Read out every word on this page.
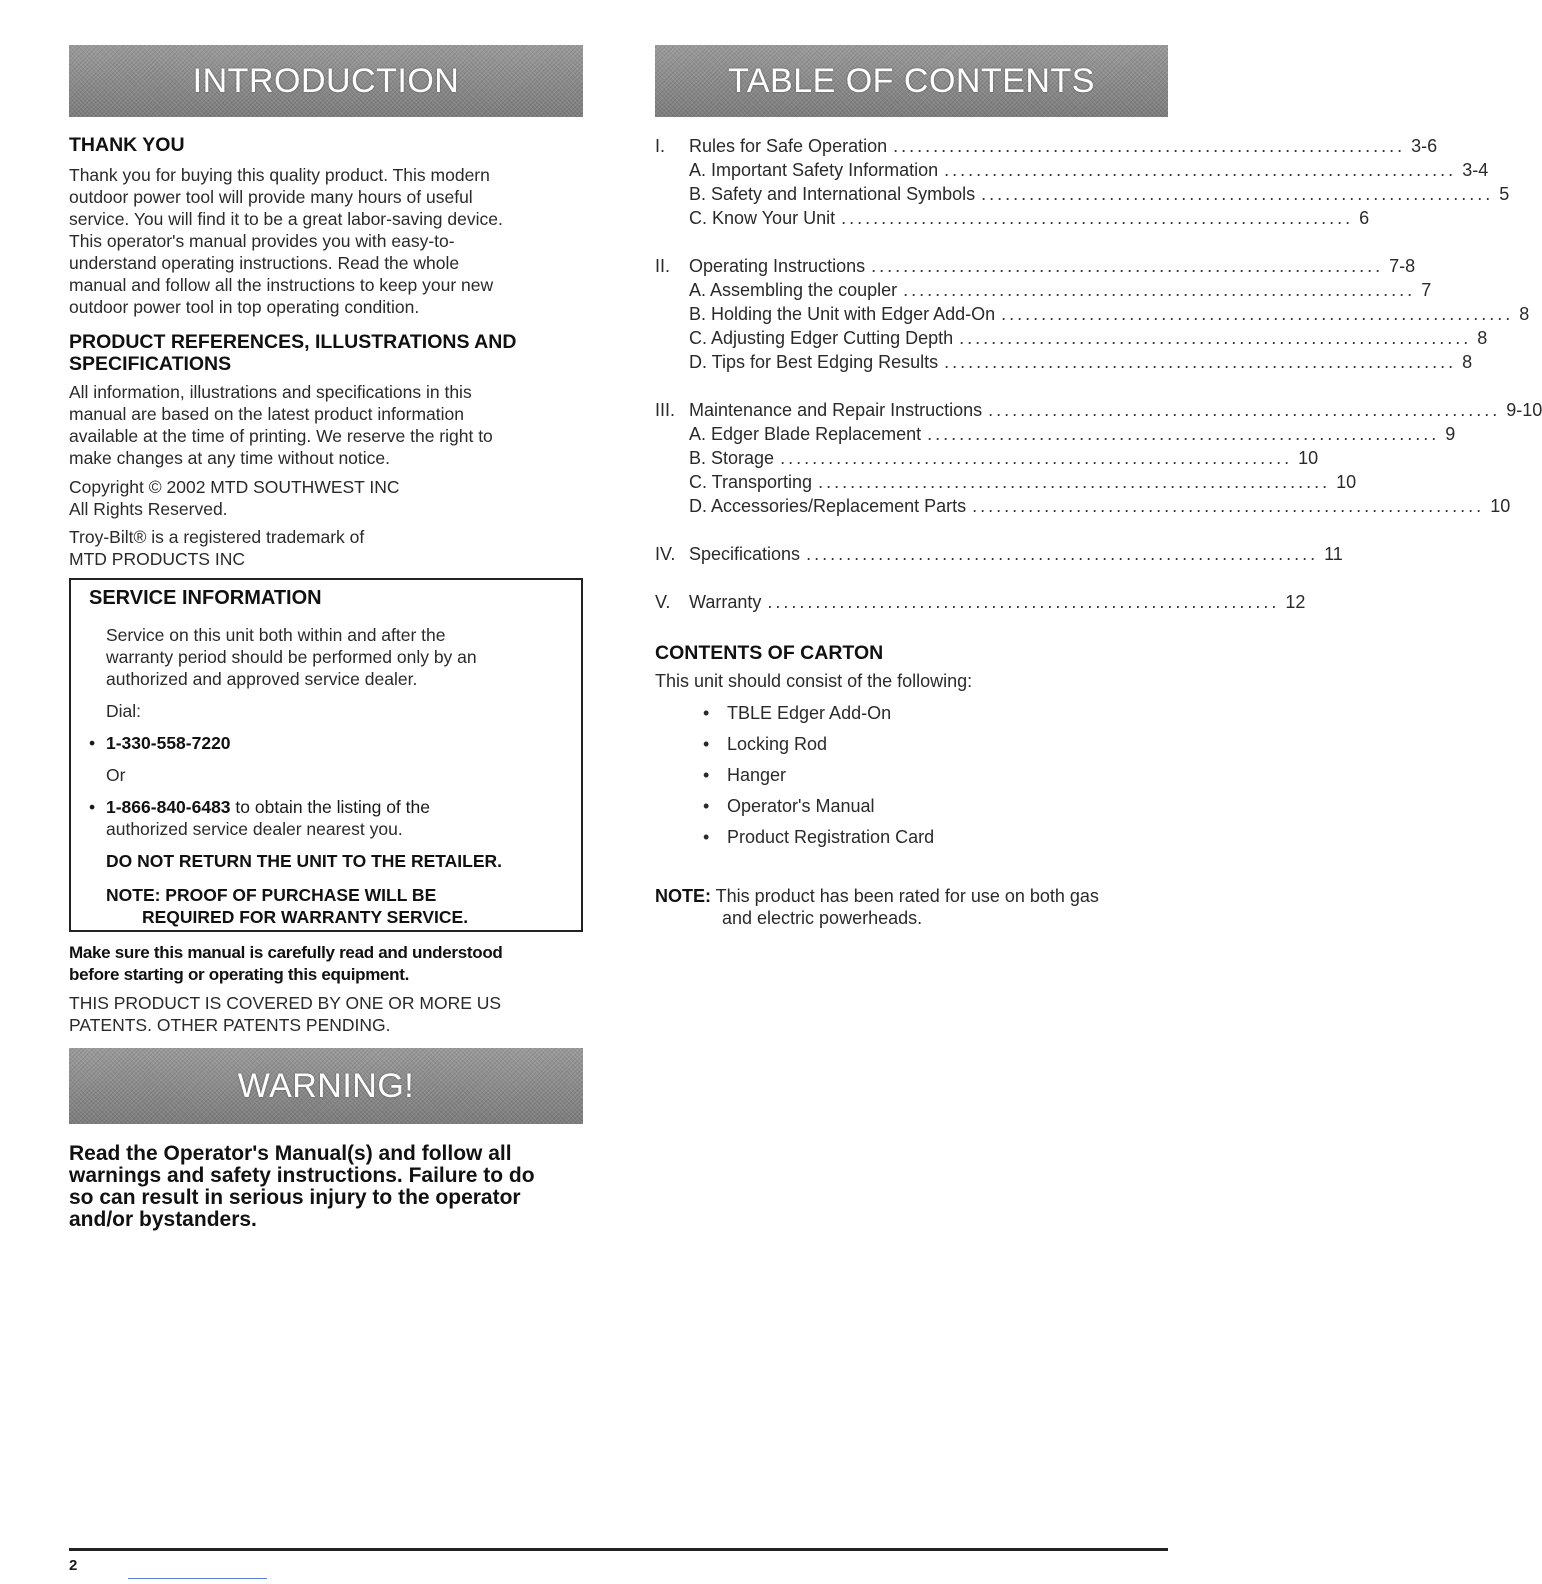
INTRODUCTION
THANK YOU
Thank you for buying this quality product. This modern
outdoor power tool will provide many hours of useful
service. You will find it to be a great labor-saving device.
This operator's manual provides you with easy-to-
understand operating instructions. Read the whole
manual and follow all the instructions to keep your new
outdoor power tool in top operating condition.
PRODUCT REFERENCES, ILLUSTRATIONS AND
SPECIFICATIONS
All information, illustrations and specifications in this
manual are based on the latest product information
available at the time of printing. We reserve the right to
make changes at any time without notice.
Copyright © 2002 MTD SOUTHWEST INC
All Rights Reserved.
Troy-Bilt® is a registered trademark of
MTD PRODUCTS INC
SERVICE INFORMATION
Service on this unit both within and after the
warranty period should be performed only by an
authorized and approved service dealer.
Dial:
• 1-330-558-7220
Or
• 1-866-840-6483 to obtain the listing of the
authorized service dealer nearest you.
DO NOT RETURN THE UNIT TO THE RETAILER.
NOTE: PROOF OF PURCHASE WILL BE
REQUIRED FOR WARRANTY SERVICE.
Make sure this manual is carefully read and understood
before starting or operating this equipment.
THIS PRODUCT IS COVERED BY ONE OR MORE US
PATENTS. OTHER PATENTS PENDING.
WARNING!
Read the Operator's Manual(s) and follow all
warnings and safety instructions. Failure to do
so can result in serious injury to the operator
and/or bystanders.
TABLE OF CONTENTS
I.	Rules for Safe Operation ................................................................ 3-6
A. Important Safety Information ................................................................ 3-4
B. Safety and International Symbols ................................................................ 5
C. Know Your Unit ................................................................ 6
II.	Operating Instructions ................................................................ 7-8
A. Assembling the coupler ................................................................ 7
B. Holding the Unit with Edger Add-On ................................................................ 8
C. Adjusting Edger Cutting Depth ................................................................ 8
D. Tips for Best Edging Results ................................................................ 8
III. Maintenance and Repair Instructions ................................................................ 9-10
A. Edger Blade Replacement ................................................................ 9
B. Storage ................................................................ 10
C. Transporting ................................................................ 10
D. Accessories/Replacement Parts ................................................................ 10
IV. Specifications ................................................................ 11
V.	Warranty ................................................................ 12
CONTENTS OF CARTON
This unit should consist of the following:
• TBLE Edger Add-On
• Locking Rod
• Hanger
• Operator's Manual
• Product Registration Card
NOTE: This product has been rated for use on both gas
and electric powerheads.
2
